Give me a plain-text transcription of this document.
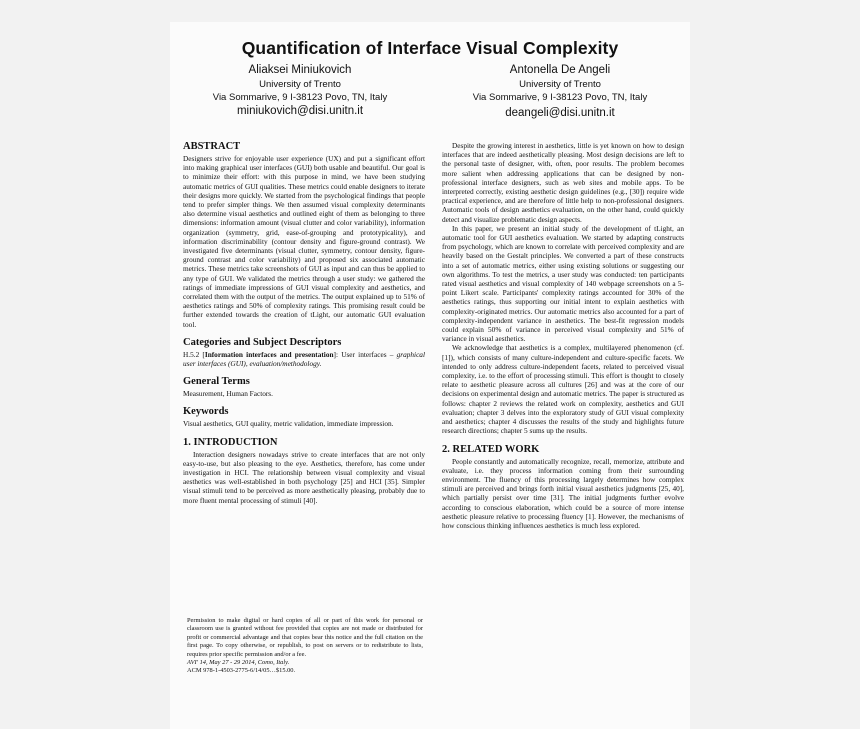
Quantification of Interface Visual Complexity
Aliaksei Miniukovich
University of Trento
Via Sommarive, 9 I-38123 Povo, TN, Italy
miniukovich@disi.unitn.it
Antonella De Angeli
University of Trento
Via Sommarive, 9 I-38123 Povo, TN, Italy
deangeli@disi.unitn.it
ABSTRACT

Designers strive for enjoyable user experience (UX) and put a significant effort into making graphical user interfaces (GUI) both usable and beautiful. Our goal is to minimize their effort: with this purpose in mind, we have been studying automatic metrics of GUI qualities. These metrics could enable designers to iterate their designs more quickly. We started from the psychological findings that people tend to prefer simpler things. We then assumed visual complexity determinants also determine visual aesthetics and outlined eight of them as belonging to three dimensions: information amount (visual clutter and color variability), information organization (symmetry, grid, ease-of-grouping and prototypicality), and information discriminability (contour density and figure-ground contrast). We investigated five determinants (visual clutter, symmetry, contour density, figure-ground contrast and color variability) and proposed six associated automatic metrics. These metrics take screenshots of GUI as input and can thus be applied to any type of GUI. We validated the metrics through a user study: we gathered the ratings of immediate impressions of GUI visual complexity and aesthetics, and correlated them with the output of the metrics. The output explained up to 51% of aesthetics ratings and 50% of complexity ratings. This promising result could be further extended towards the creation of tLight, our automatic GUI evaluation tool.

Categories and Subject Descriptors

H.5.2 [Information interfaces and presentation]: User interfaces – graphical user interfaces (GUI), evaluation/methodology.

General Terms

Measurement, Human Factors.

Keywords

Visual aesthetics, GUI quality, metric validation, immediate impression.

1. INTRODUCTION

Interaction designers nowadays strive to create interfaces that are not only easy-to-use, but also pleasing to the eye. Aesthetics, therefore, has come under investigation in HCI. The relationship between visual complexity and visual aesthetics was well-established in both psychology [25] and HCI [35]. Simpler visual stimuli tend to be perceived as more aesthetically pleasing, probably due to more fluent mental processing of stimuli [40].

Permission to make digital or hard copies of all or part of this work for personal or classroom use is granted without fee provided that copies are not made or distributed for profit or commercial advantage and that copies bear this notice and the full citation on the first page. To copy otherwise, or republish, to post on servers or to redistribute to lists, requires prior specific permission and/or a fee.
AVI' 14, May 27 - 29 2014, Como, Italy.
ACM 978-1-4503-2775-6/14/05…$15.00.

Despite the growing interest in aesthetics, little is yet known on how to design interfaces that are indeed aesthetically pleasing. Most design decisions are left to the personal taste of designer, with, often, poor results. The problem becomes more salient when addressing applications that can be designed by non-professional interface designers, such as web sites and mobile apps. To be interpreted correctly, existing aesthetic design guidelines (e.g., [30]) require wide practical experience, and are therefore of little help to non-professional designers. Automatic tools of design aesthetics evaluation, on the other hand, could quickly detect and visualize problematic design aspects.

In this paper, we present an initial study of the development of tLight, an automatic tool for GUI aesthetics evaluation. We started by adapting constructs from psychology, which are known to correlate with perceived complexity and are heavily based on the Gestalt principles. We converted a part of these constructs into a set of automatic metrics, either using existing solutions or suggesting our own algorithms. To test the metrics, a user study was conducted: ten participants rated visual aesthetics and visual complexity of 140 webpage screenshots on a 5-point Likert scale. Participants' complexity ratings accounted for 30% of the aesthetics ratings, thus supporting our initial intent to explain aesthetics with complexity-originated metrics. Our automatic metrics also accounted for a part of complexity-independent variance in aesthetics. The best-fit regression models could explain 50% of variance in perceived visual complexity and 51% of variance in visual aesthetics.

We acknowledge that aesthetics is a complex, multilayered phenomenon (cf. [1]), which consists of many culture-independent and culture-specific facets. We intended to only address culture-independent facets, related to perceived visual complexity, i.e. to the effort of processing stimuli. This effort is thought to closely relate to aesthetic pleasure across all cultures [26] and was at the core of our decisions on experimental design and automatic metrics. The paper is structured as follows: chapter 2 reviews the related work on complexity, aesthetics and GUI evaluation; chapter 3 delves into the exploratory study of GUI visual complexity and aesthetics; chapter 4 discusses the results of the study and highlights future research directions; chapter 5 sums up the results.

2. RELATED WORK

People constantly and automatically recognize, recall, memorize, attribute and evaluate, i.e. they process information coming from their surrounding environment. The fluency of this processing largely determines how complex stimuli are perceived and brings forth initial visual aesthetics judgments [25, 40], which partially persist over time [31]. The initial judgments further evolve according to conscious elaboration, which could be a source of more intense aesthetic pleasure relative to processing fluency [1]. However, the mechanisms of how conscious thinking influences aesthetics is much less explored.
